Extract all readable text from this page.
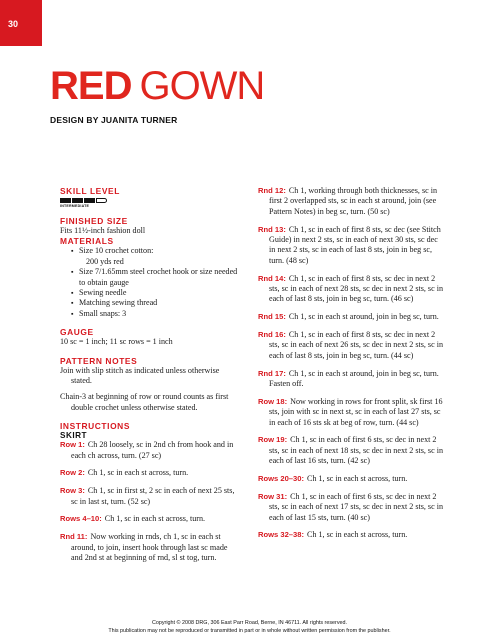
30
RED GOWN
DESIGN BY JUANITA TURNER
SKILL LEVEL
INTERMEDIATE
FINISHED SIZE

Fits 11½-inch fashion doll

MATERIALS
▪ Size 10 crochet cotton:
200 yds red
▪ Size 7/1.65mm steel crochet hook or size needed to obtain gauge
▪ Sewing needle
▪ Matching sewing thread
▪ Small snaps: 3
GAUGE

10 sc = 1 inch; 11 sc rows = 1 inch

PATTERN NOTES

Join with slip stitch as indicated unless otherwise stated.

Chain-3 at beginning of row or round counts as first double crochet unless otherwise stated.

INSTRUCTIONS
SKIRT

Row 1: Ch 28 loosely, sc in 2nd ch from hook and in each ch across, turn. (27 sc)

Row 2: Ch 1, sc in each st across, turn.

Row 3: Ch 1, sc in first st, 2 sc in each of next 25 sts, sc in last st, turn. (52 sc)

Rows 4–10: Ch 1, sc in each st across, turn.

Rnd 11: Now working in rnds, ch 1, sc in each st around, to join, insert hook through last sc made and 2nd st at beginning of rnd, sl st tog, turn.

Rnd 12: Ch 1, working through both thicknesses, sc in first 2 overlapped sts, sc in each st around, join (see Pattern Notes) in beg sc, turn. (50 sc)

Rnd 13: Ch 1, sc in each of first 8 sts, sc dec (see Stitch Guide) in next 2 sts, sc in each of next 30 sts, sc dec in next 2 sts, sc in each of last 8 sts, join in beg sc, turn. (48 sc)

Rnd 14: Ch 1, sc in each of first 8 sts, sc dec in next 2 sts, sc in each of next 28 sts, sc dec in next 2 sts, sc in each of last 8 sts, join in beg sc, turn. (46 sc)

Rnd 15: Ch 1, sc in each st around, join in beg sc, turn.

Rnd 16: Ch 1, sc in each of first 8 sts, sc dec in next 2 sts, sc in each of next 26 sts, sc dec in next 2 sts, sc in each of last 8 sts, join in beg sc, turn. (44 sc)

Rnd 17: Ch 1, sc in each st around, join in beg sc, turn. Fasten off.

Row 18: Now working in rows for front split, sk first 16 sts, join with sc in next st, sc in each of last 27 sts, sc in each of 16 sts sk at beg of row, turn. (44 sc)

Row 19: Ch 1, sc in each of first 6 sts, sc dec in next 2 sts, sc in each of next 18 sts, sc dec in next 2 sts, sc in each of last 16 sts, turn. (42 sc)

Rows 20–30: Ch 1, sc in each st across, turn.

Row 31: Ch 1, sc in each of first 6 sts, sc dec in next 2 sts, sc in each of next 17 sts, sc dec in next 2 sts, sc in each of last 15 sts, turn. (40 sc)

Rows 32–38: Ch 1, sc in each st across, turn.

Copyright © 2008 DRG, 306 East Parr Road, Berne, IN 46711. All rights reserved.
This publication may not be reproduced or transmitted in part or in whole without written permission from the publisher.
